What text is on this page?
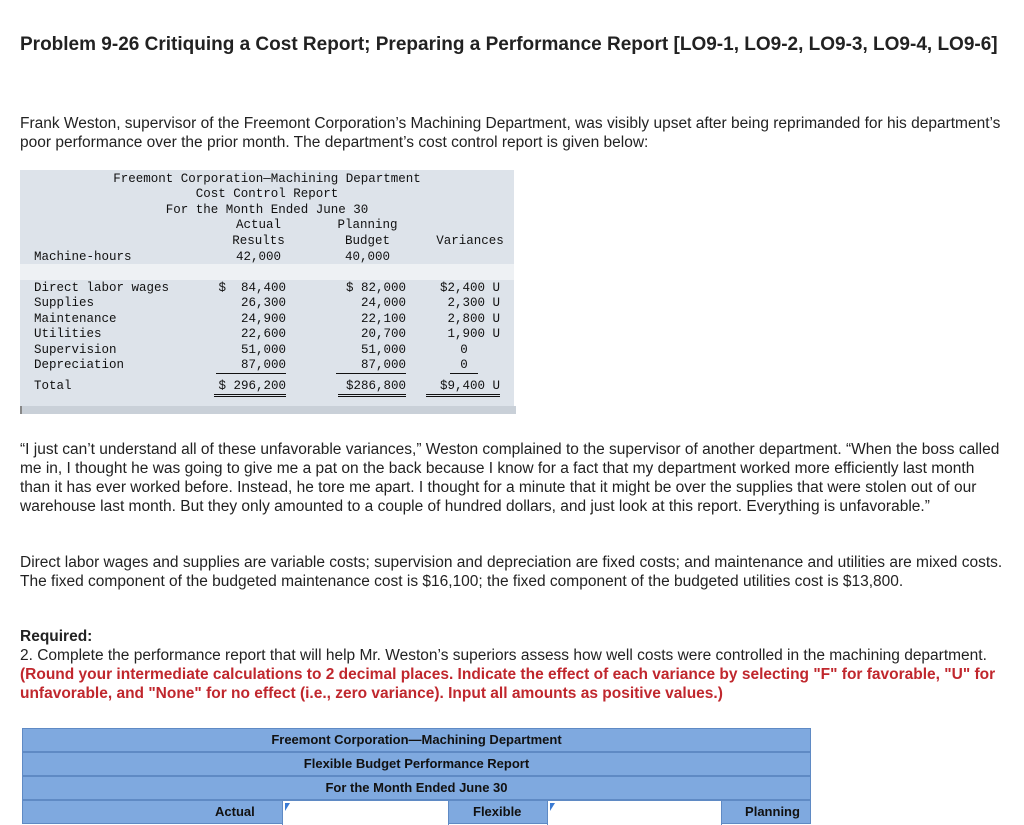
Problem 9-26 Critiquing a Cost Report; Preparing a Performance Report [LO9-1, LO9-2, LO9-3, LO9-4, LO9-6]
Frank Weston, supervisor of the Freemont Corporation’s Machining Department, was visibly upset after being reprimanded for his department’s poor performance over the prior month. The department’s cost control report is given below:
Freemont Corporation—Machining Department
Cost Control Report
For the Month Ended June 30
Actual
Results
Planning
Budget	Variances
Machine-hours	42,000	40,000
Direct labor wages	$  84,400	$ 82,000	$2,400 U
Supplies	26,300	24,000	2,300 U
Maintenance	24,900	22,100	2,800 U
Utilities	22,600	20,700	1,900 U
Supervision	51,000	51,000	0
Depreciation	87,000	87,000	0
Total	$ 296,200	$286,800	$9,400 U
“I just can’t understand all of these unfavorable variances,” Weston complained to the supervisor of another department. “When the boss called me in, I thought he was going to give me a pat on the back because I know for a fact that my department worked more efficiently last month than it has ever worked before. Instead, he tore me apart. I thought for a minute that it might be over the supplies that were stolen out of our warehouse last month. But they only amounted to a couple of hundred dollars, and just look at this report. Everything is unfavorable.”
Direct labor wages and supplies are variable costs; supervision and depreciation are fixed costs; and maintenance and utilities are mixed costs. The fixed component of the budgeted maintenance cost is $16,100; the fixed component of the budgeted utilities cost is $13,800.
Required:
2. Complete the performance report that will help Mr. Weston’s superiors assess how well costs were controlled in the machining department. (Round your intermediate calculations to 2 decimal places. Indicate the effect of each variance by selecting "F" for favorable, "U" for unfavorable, and "None" for no effect (i.e., zero variance). Input all amounts as positive values.)
Freemont Corporation—Machining Department
Flexible Budget Performance Report
For the Month Ended June 30
Actual	Flexible	Planning
